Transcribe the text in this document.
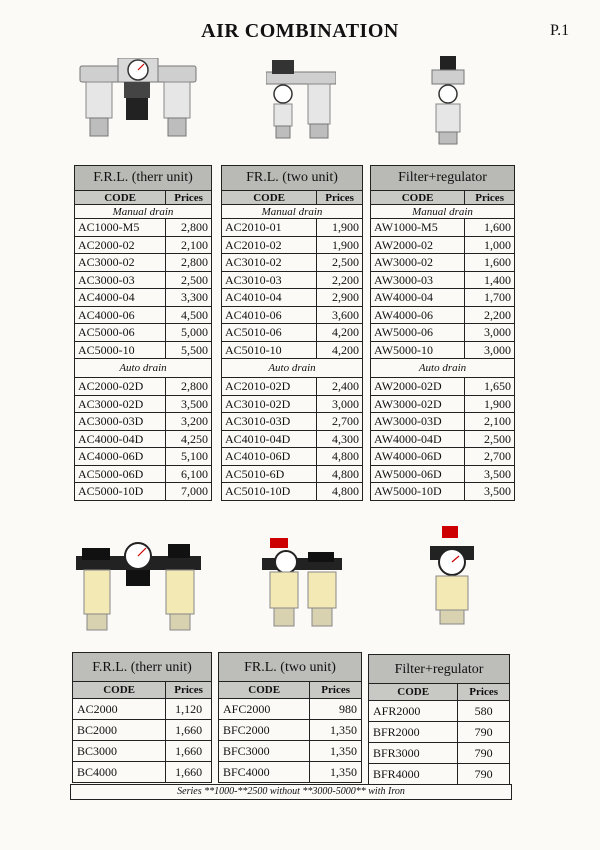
AIR COMBINATION	P.1
F.R.L. (therr unit)	
CODE	Prices
Manual drain	
AC1000-M5	2,800
AC2000-02	2,100
AC3000-02	2,800
AC3000-03	2,500
AC4000-04	3,300
AC4000-06	4,500
AC5000-06	5,000
AC5000-10	5,500
Auto drain	
AC2000-02D	2,800
AC3000-02D	3,500
AC3000-03D	3,200
AC4000-04D	4,250
AC4000-06D	5,100
AC5000-06D	6,100
AC5000-10D	7,000
FR.L. (two unit)	
CODE	Prices
Manual drain	
AC2010-01	1,900
AC2010-02	1,900
AC3010-02	2,500
AC3010-03	2,200
AC4010-04	2,900
AC4010-06	3,600
AC5010-06	4,200
AC5010-10	4,200
Auto drain	
AC2010-02D	2,400
AC3010-02D	3,000
AC3010-03D	2,700
AC4010-04D	4,300
AC4010-06D	4,800
AC5010-6D	4,800
AC5010-10D	4,800
Filter+regulator	
CODE	Prices
Manual drain	
AW1000-M5	1,600
AW2000-02	1,000
AW3000-02	1,600
AW3000-03	1,400
AW4000-04	1,700
AW4000-06	2,200
AW5000-06	3,000
AW5000-10	3,000
Auto drain	
AW2000-02D	1,650
AW3000-02D	1,900
AW3000-03D	2,100
AW4000-04D	2,500
AW4000-06D	2,700
AW5000-06D	3,500
AW5000-10D	3,500
F.R.L. (therr unit)	
CODE	Prices
AC2000	1,120
BC2000	1,660
BC3000	1,660
BC4000	1,660
FR.L. (two unit)	
CODE	Prices
AFC2000	980
BFC2000	1,350
BFC3000	1,350
BFC4000	1,350
Filter+regulator	
CODE	Prices
AFR2000	580
BFR2000	790
BFR3000	790
BFR4000	790
Series **1000-**2500 without **3000-5000** with Iron
